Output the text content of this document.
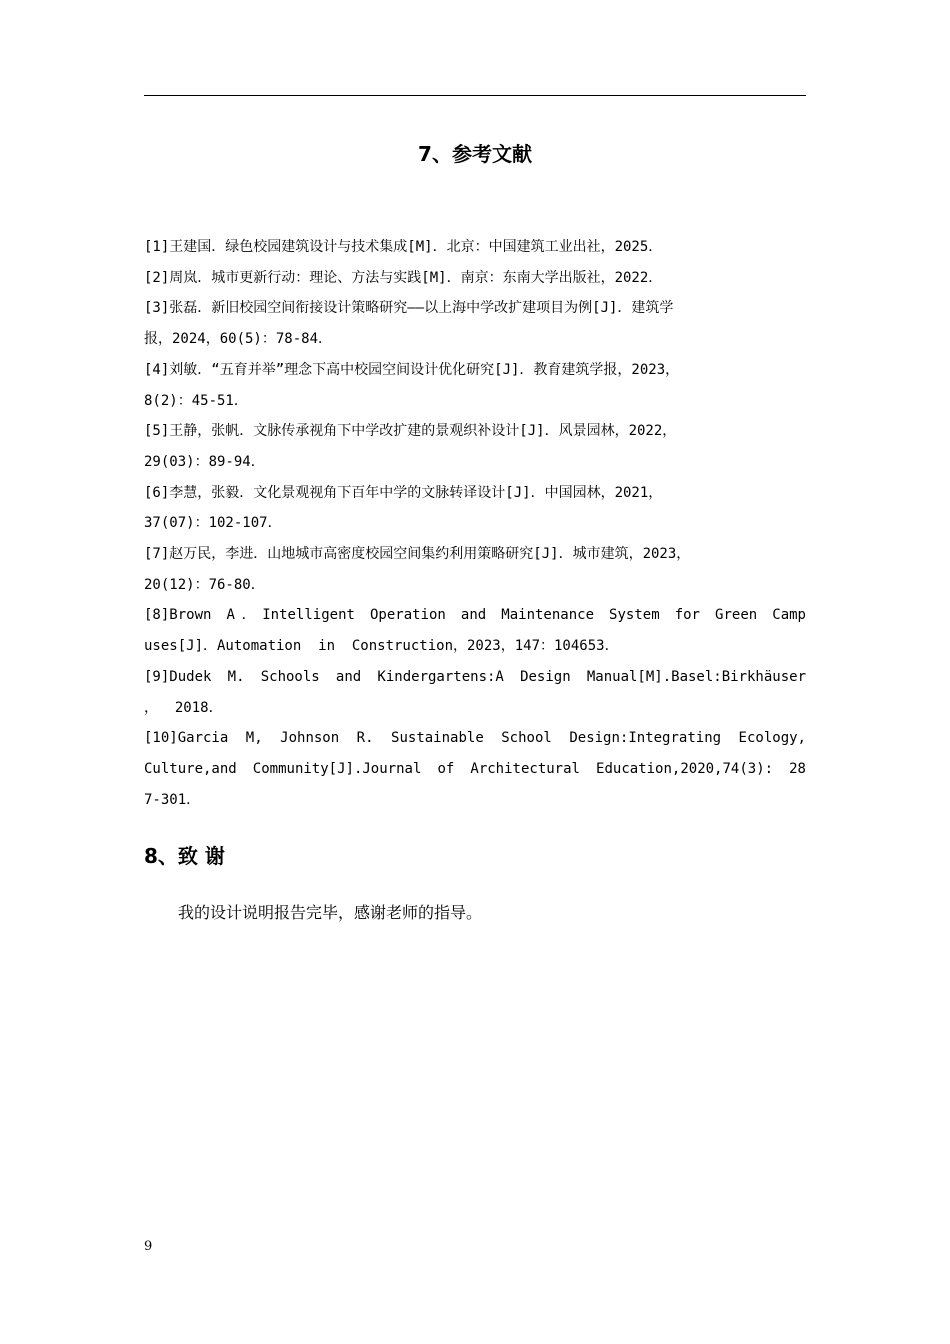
7、参考文献
[1]王建国．绿色校园建筑设计与技术集成[M]．北京：中国建筑工业出社，2025．
[2]周岚．城市更新行动：理论、方法与实践[M]．南京：东南大学出版社，2022．
[3]张磊．新旧校园空间衔接设计策略研究——以上海中学改扩建项目为例[J]．建筑学
报，2024，60(5)：78-84．
[4]刘敏．“五育并举”理念下高中校园空间设计优化研究[J]．教育建筑学报，2023，
8(2)：45-51．
[5]王静，张帆．文脉传承视角下中学改扩建的景观织补设计[J]．风景园林，2022，
29(03)：89-94．
[6]李慧，张毅．文化景观视角下百年中学的文脉转译设计[J]．中国园林，2021，
37(07)：102-107．
[7]赵万民，李进．山地城市高密度校园空间集约利用策略研究[J]．城市建筑，2023，
20(12)：76-80．
[8]Brown A．Intelligent Operation and Maintenance System for Green Camp
uses[J]．Automation  in  Construction，2023，147：104653．
[9]Dudek M. Schools and Kindergartens:A Design Manual[M].Basel:Birkhäuser
，  2018．
[10]Garcia M, Johnson R. Sustainable School Design:Integrating Ecology,
Culture,and Community[J].Journal of Architectural Education,2020,74(3): 28
7-301．
8、致 谢

我的设计说明报告完毕，感谢老师的指导。

9
